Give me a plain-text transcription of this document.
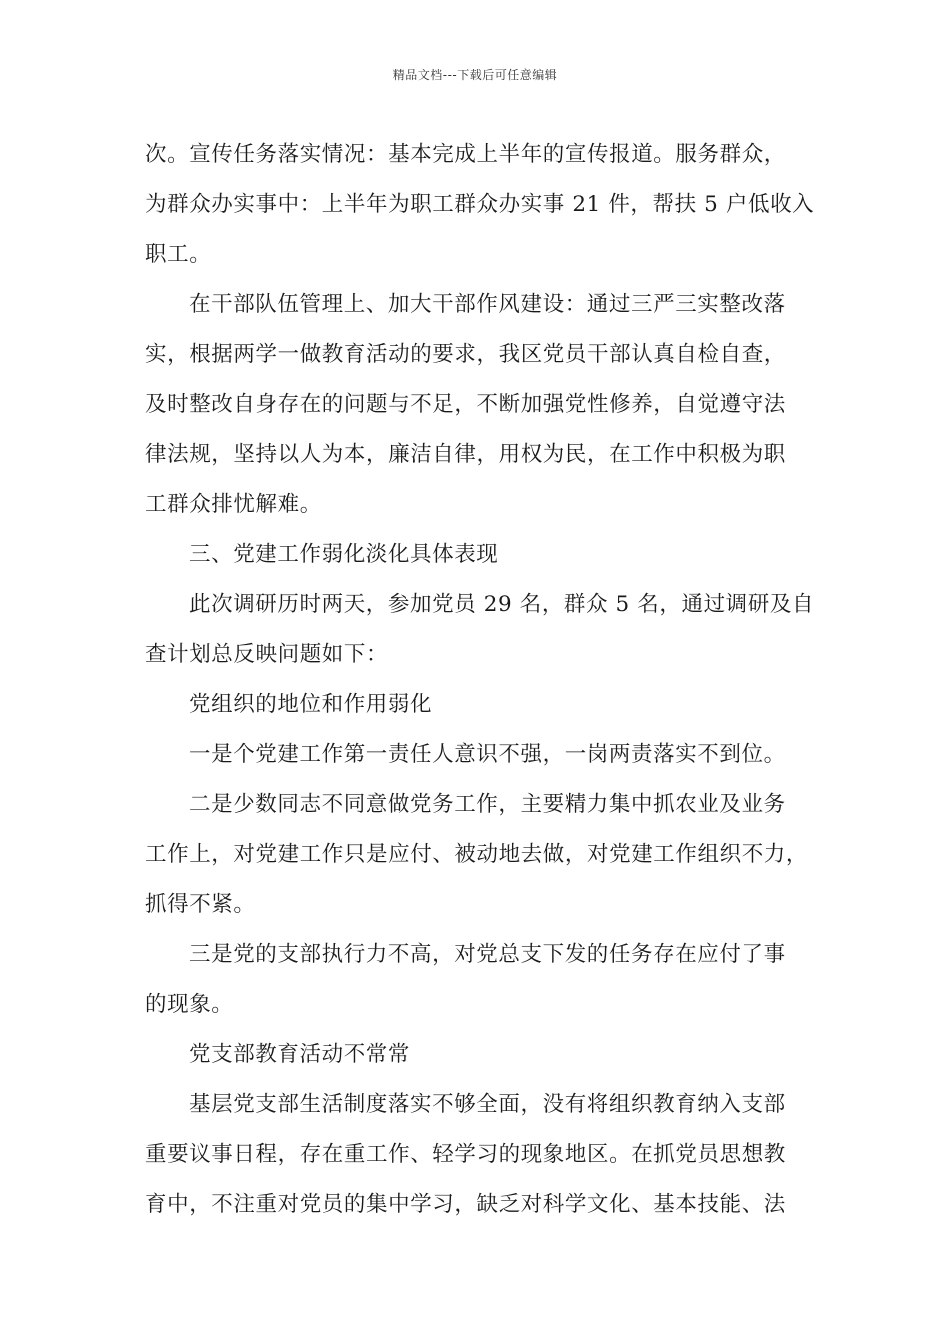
精品文档---下载后可任意编辑
次。宣传任务落实情况：基本完成上半年的宣传报道。服务群众，
为群众办实事中：上半年为职工群众办实事 21 件，帮扶 5 户低收入
职工。
在干部队伍管理上、加大干部作风建设：通过三严三实整改落
实，根据两学一做教育活动的要求，我区党员干部认真自检自查，
及时整改自身存在的问题与不足，不断加强党性修养，自觉遵守法
律法规，坚持以人为本，廉洁自律，用权为民，在工作中积极为职
工群众排忧解难。
三、党建工作弱化淡化具体表现
此次调研历时两天，参加党员 29 名，群众 5 名，通过调研及自
查计划总反映问题如下：
党组织的地位和作用弱化
一是个党建工作第一责任人意识不强，一岗两责落实不到位。
二是少数同志不同意做党务工作，主要精力集中抓农业及业务
工作上，对党建工作只是应付、被动地去做，对党建工作组织不力，
抓得不紧。
三是党的支部执行力不高，对党总支下发的任务存在应付了事
的现象。
党支部教育活动不常常
基层党支部生活制度落实不够全面，没有将组织教育纳入支部
重要议事日程，存在重工作、轻学习的现象地区。在抓党员思想教
育中，不注重对党员的集中学习，缺乏对科学文化、基本技能、法
